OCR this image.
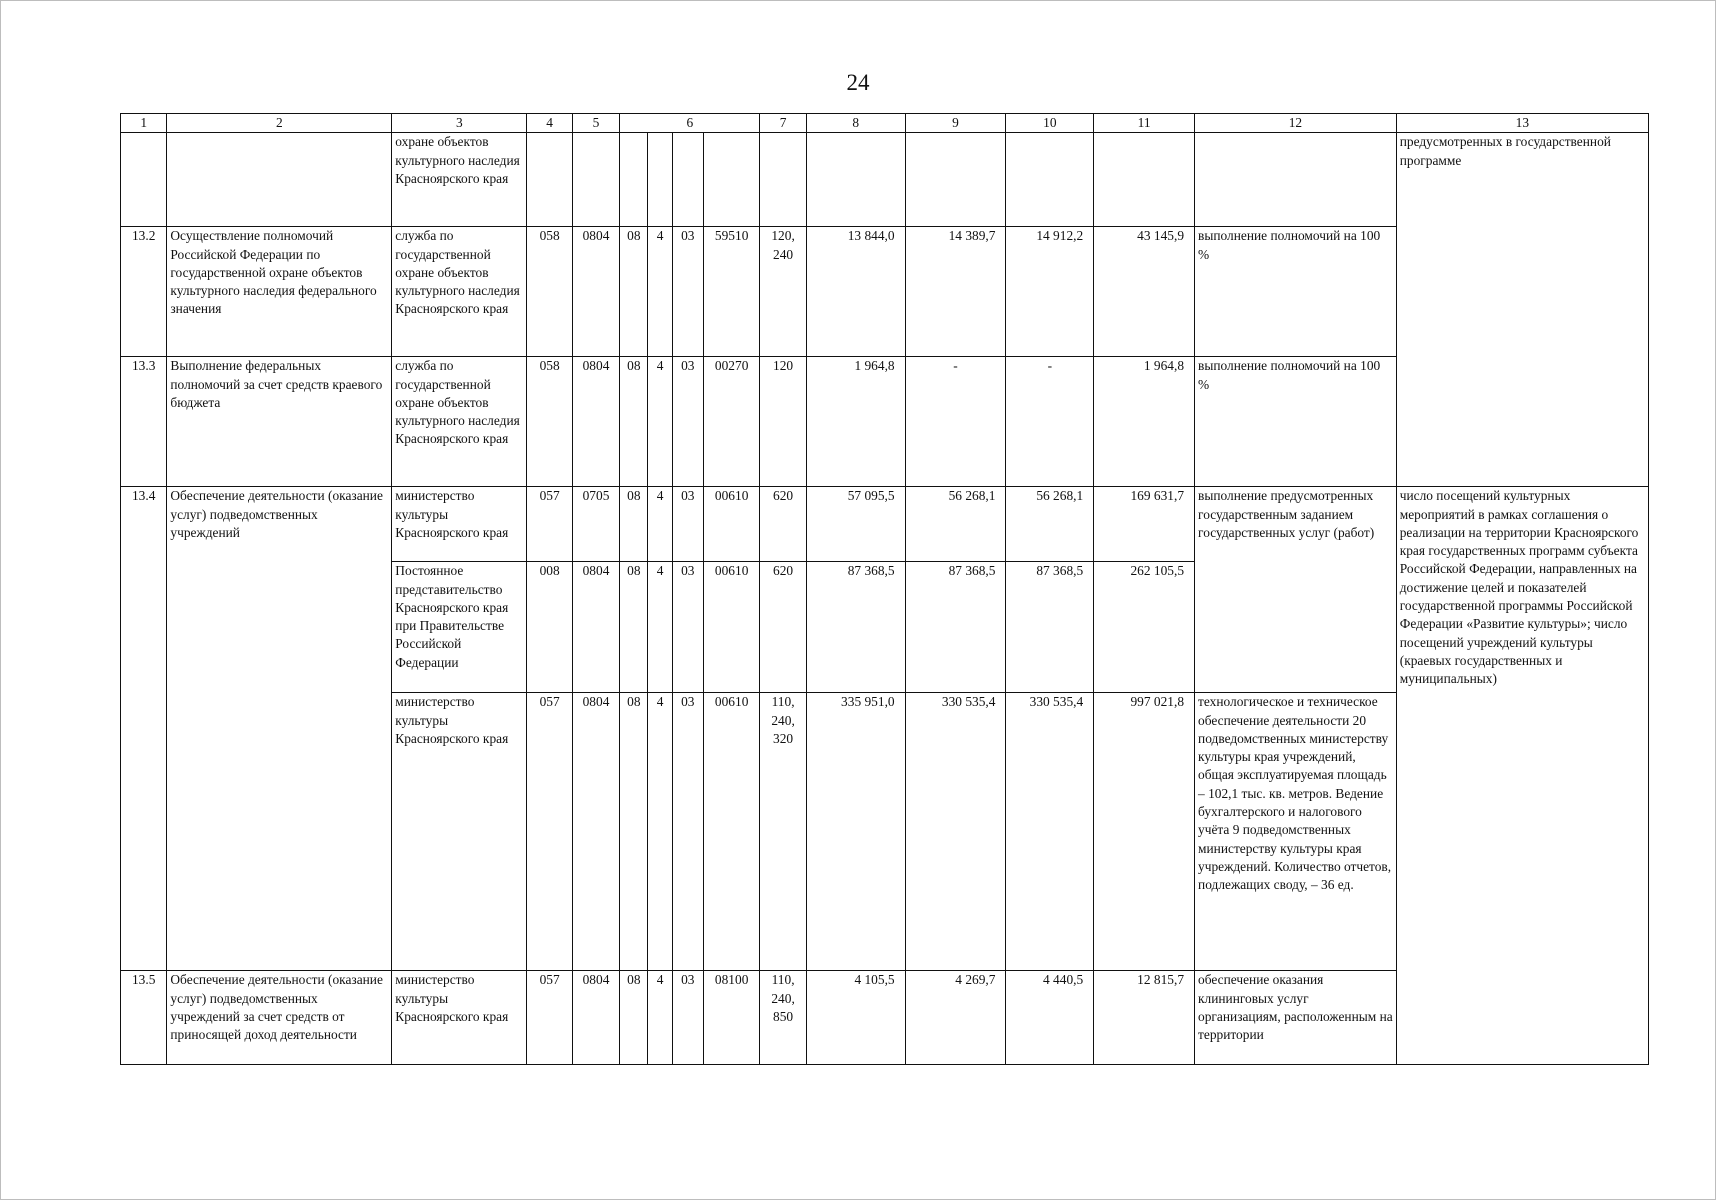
24
1	2	3	4	5	6				7	8	9	10	11	12	13
		охране объектов культурного наследия Красноярского края													предусмотренных в государственной программе
13.2	Осуществление полномочий Российской Федерации по государственной охране объектов культурного наследия федерального значения	служба по государственной охране объектов культурного наследия Красноярского края	058	0804	08	4	03	59510	120, 240	13 844,0	14 389,7	14 912,2	43 145,9	выполнение полномочий на 100 %	
13.3	Выполнение федеральных полномочий за счет средств краевого бюджета	служба по государственной охране объектов культурного наследия Красноярского края	058	0804	08	4	03	00270	120	1 964,8	-	-	1 964,8	выполнение полномочий на 100 %	
13.4	Обеспечение деятельности (оказание услуг) подведомственных учреждений	министерство культуры Красноярского края	057	0705	08	4	03	00610	620	57 095,5	56 268,1	56 268,1	169 631,7	выполнение предусмотренных государственным заданием государственных услуг (работ)	число посещений культурных мероприятий в рамках соглашения о реализации на территории Красноярского края государственных программ субъекта Российской Федерации, направленных на достижение целей и показателей государственной программы Российской Федерации «Развитие культуры»; число посещений учреждений культуры (краевых государственных и муниципальных)
		Постоянное представительство Красноярского края при Правительстве Российской Федерации	008	0804	08	4	03	00610	620	87 368,5	87 368,5	87 368,5	262 105,5		
		министерство культуры Красноярского края	057	0804	08	4	03	00610	110, 240, 320	335 951,0	330 535,4	330 535,4	997 021,8	технологическое и техническое обеспечение деятельности 20 подведомственных министерству культуры края учреждений, общая эксплуатируемая площадь – 102,1 тыс. кв. метров. Ведение бухгалтерского и налогового учёта 9 подведомственных министерству культуры края учреждений. Количество отчетов, подлежащих своду, – 36 ед.	
13.5	Обеспечение деятельности (оказание услуг) подведомственных учреждений за счет средств от приносящей доход деятельности	министерство культуры Красноярского края	057	0804	08	4	03	08100	110, 240, 850	4 105,5	4 269,7	4 440,5	12 815,7	обеспечение оказания клининговых услуг организациям, расположенным на территории	
